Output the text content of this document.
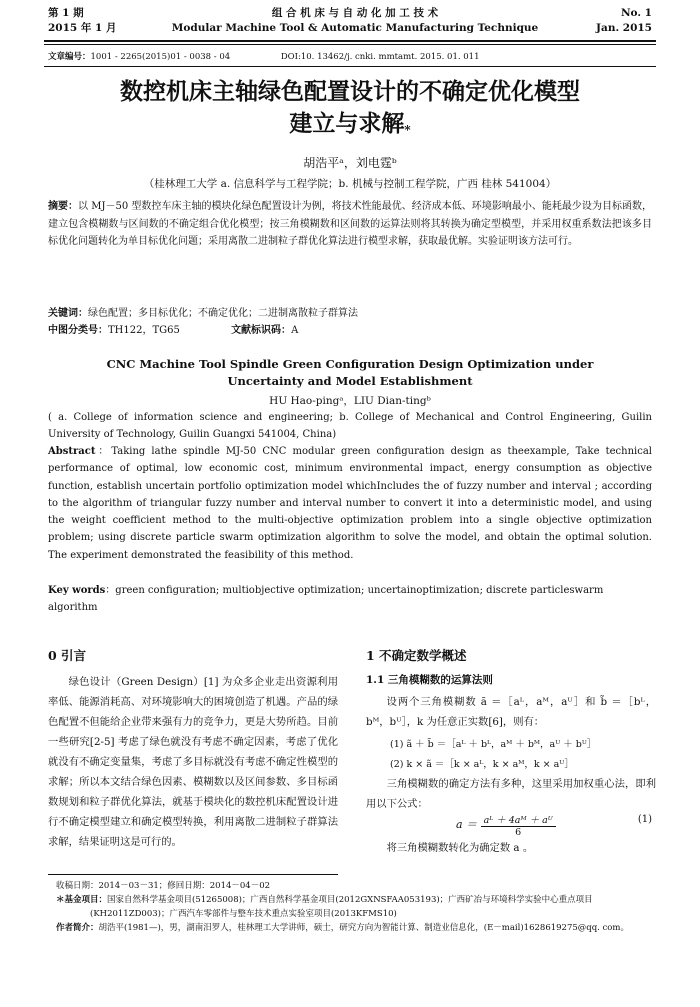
第 1 期
2015 年 1 月
组 合 机 床 与 自 动 化 加 工 技 术
Modular Machine Tool & Automatic Manufacturing Technique
No. 1
Jan. 2015
文章编号：1001 - 2265(2015)01 - 0038 - 04	DOI:10. 13462/j. cnki. mmtamt. 2015. 01. 011
数控机床主轴绿色配置设计的不确定优化模型
建立与求解*
胡浩平ᵃ，刘电霆ᵇ
（桂林理工大学 a. 信息科学与工程学院；b. 机械与控制工程学院，广西 桂林 541004）
摘要：以 MJ－50 型数控车床主轴的模块化绿色配置设计为例，将技术性能最优、经济成本低、环境影响最小、能耗最少设为目标函数，建立包含模糊数与区间数的不确定组合优化模型；按三角模糊数和区间数的运算法则将其转换为确定型模型，并采用权重系数法把该多目标优化问题转化为单目标优化问题；采用离散二进制粒子群优化算法进行模型求解，获取最优解。实验证明该方法可行。
关键词：绿色配置；多目标优化；不确定优化；二进制离散粒子群算法
中图分类号：TH122，TG65	文献标识码：A
CNC Machine Tool Spindle Green Configuration Design Optimization under
Uncertainty and Model Establishment
HU Hao-pingᵃ，LIU Dian-tingᵇ
( a. College of information science and engineering; b. College of Mechanical and Control Engineering, Guilin University of Technology, Guilin Guangxi 541004, China)
Abstract：Taking lathe spindle MJ-50 CNC modular green configuration design as theexample, Take technical performance of optimal, low economic cost, minimum environmental impact, energy consumption as objective function, establish uncertain portfolio optimization model whichIncludes the of fuzzy number and interval ; according to the algorithm of triangular fuzzy number and interval number to convert it into a deterministic model, and using the weight coefficient method to the multi-objective optimization problem into a single objective optimization problem; using discrete particle swarm optimization algorithm to solve the model, and obtain the optimal solution. The experiment demonstrated the feasibility of this method.
Key words：green configuration; multiobjective optimization; uncertainoptimization; discrete particleswarm algorithm
0 引言
绿色设计（Green Design）[1] 为众多企业走出资源利用率低、能源消耗高、对环境影响大的困境创造了机遇。产品的绿色配置不但能给企业带来强有力的竞争力，更是大势所趋。目前一些研究[2-5] 考虑了绿色就没有考虑不确定因素，考虑了优化就没有不确定变量集，考虑了多目标就没有考虑不确定性模型的求解；所以本文结合绿色因素、模糊数以及区间参数、多目标函数规划和粒子群优化算法，就基于模块化的数控机床配置设计进行不确定模型建立和确定模型转换，利用离散二进制粒子群算法求解，结果证明这是可行的。
1 不确定数学概述
1.1 三角模糊数的运算法则
设两个三角模糊数 ã ＝［aᴸ，aᴹ，aᵁ］和 b̃ ＝［bᴸ，bᴹ，bᵁ］，k 为任意正实数[6]，则有：
(1) ã ＋ b̃ ＝［aᴸ ＋ bᴸ，aᴹ ＋ bᴹ，aᵁ ＋ bᵁ］
(2) k × ã ＝［k × aᴸ，k × aᴹ，k × aᵁ］
三角模糊数的确定方法有多种，这里采用加权重心法，即利用以下公式：
$a = \frac{\text{aᴸ ＋ 4aᴹ ＋ aᵁ}}{6}$	(1)
将三角模糊数转化为确定数 a 。
收稿日期：2014－03－31；修回日期：2014－04－02
＊基金项目：国家自然科学基金项目(51265008)；广西自然科学基金项目(2012GXNSFAA053193)；广西矿冶与环境科学实验中心重点项目
(KH2011ZD003)；广西汽车零部件与整车技术重点实验室项目(2013KFMS10)
作者简介：胡浩平(1981—)，男，湖南汨罗人，桂林理工大学讲师，硕士，研究方向为智能计算、制造业信息化，(E－mail)1628619275@qq. com。
